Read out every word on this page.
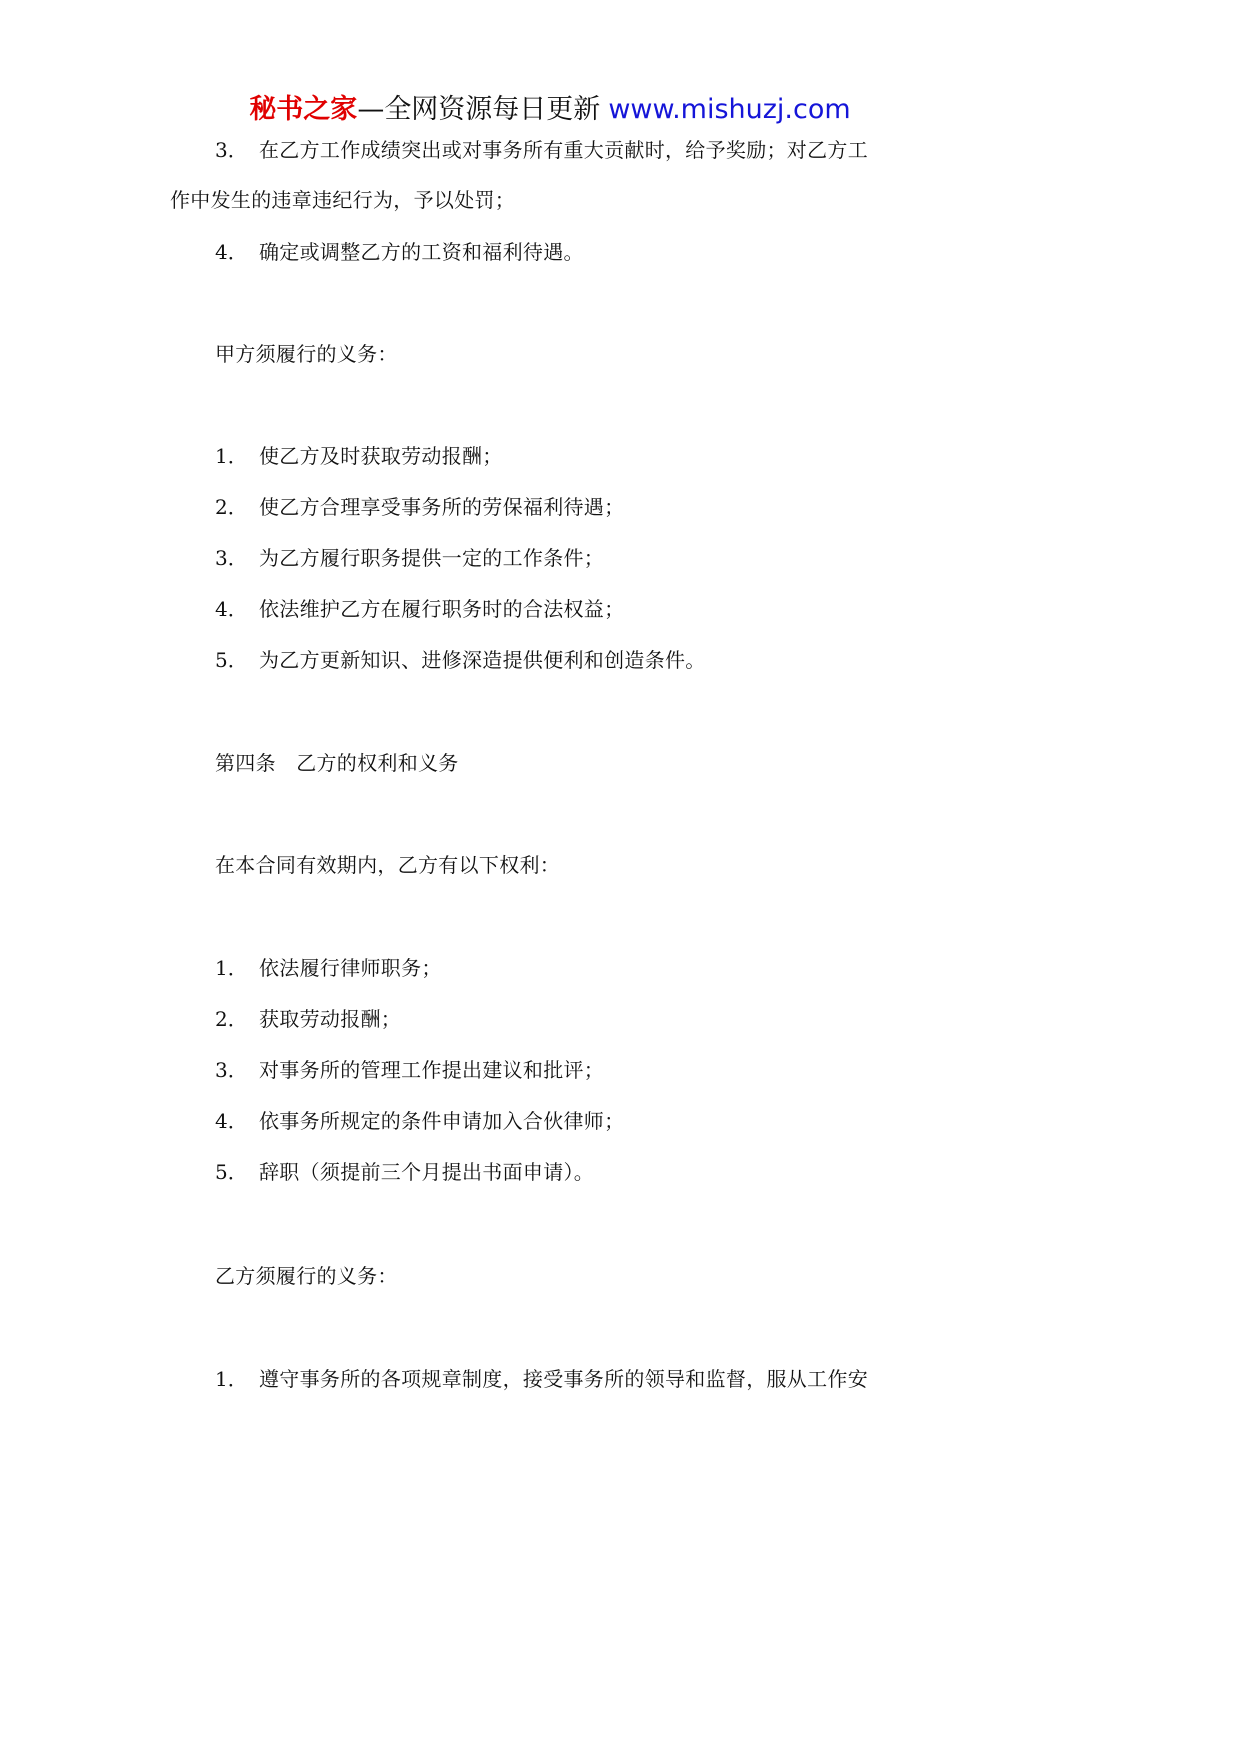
秘书之家—全网资源每日更新 www.mishuzj.com
3． 在乙方工作成绩突出或对事务所有重大贡献时，给予奖励；对乙方工
作中发生的违章违纪行为，予以处罚；
4． 确定或调整乙方的工资和福利待遇。
甲方须履行的义务：
1． 使乙方及时获取劳动报酬；
2． 使乙方合理享受事务所的劳保福利待遇；
3． 为乙方履行职务提供一定的工作条件；
4． 依法维护乙方在履行职务时的合法权益；
5． 为乙方更新知识、进修深造提供便利和创造条件。
第四条　乙方的权利和义务
在本合同有效期内，乙方有以下权利：
1． 依法履行律师职务；
2． 获取劳动报酬；
3． 对事务所的管理工作提出建议和批评；
4． 依事务所规定的条件申请加入合伙律师；
5． 辞职（须提前三个月提出书面申请）。
乙方须履行的义务：
1． 遵守事务所的各项规章制度，接受事务所的领导和监督，服从工作安
